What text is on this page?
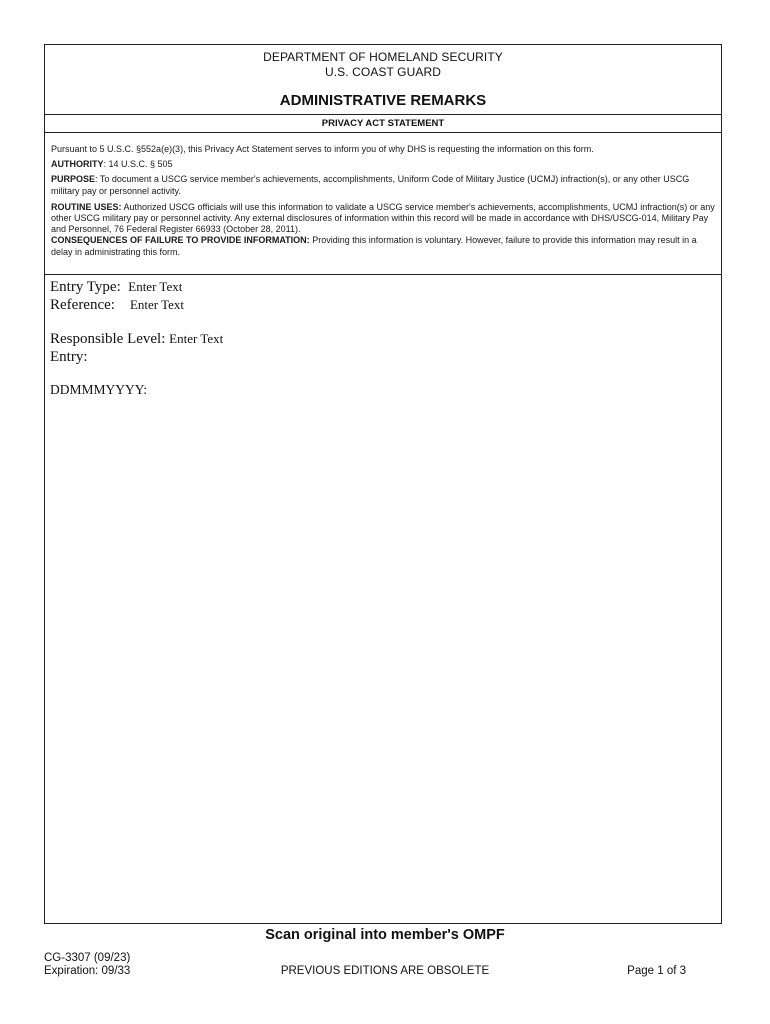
DEPARTMENT OF HOMELAND SECURITY
U.S. COAST GUARD
ADMINISTRATIVE REMARKS
PRIVACY ACT STATEMENT

Pursuant to 5 U.S.C. §552a(e)(3), this Privacy Act Statement serves to inform you of why DHS is requesting the information on this form.

AUTHORITY: 14 U.S.C. § 505

PURPOSE: To document a USCG service member's achievements, accomplishments, Uniform Code of Military Justice (UCMJ) infraction(s), or any other USCG military pay or personnel activity.

ROUTINE USES: Authorized USCG officials will use this information to validate a USCG service member's achievements, accomplishments, UCMJ infraction(s) or any other USCG military pay or personnel activity. Any external disclosures of information within this record will be made in accordance with DHS/USCG-014, Military Pay and Personnel, 76 Federal Register 66933 (October 28, 2011).

CONSEQUENCES OF FAILURE TO PROVIDE INFORMATION: Providing this information is voluntary. However, failure to provide this information may result in a delay in administrating this form.

Entry Type: Enter Text
Reference: Enter Text
Responsible Level: Enter Text
Entry:
DDMMMYYYY:
Scan original into member's OMPF
CG-3307 (09/23)
Expiration: 09/33	PREVIOUS EDITIONS ARE OBSOLETE	Page 1 of 3
